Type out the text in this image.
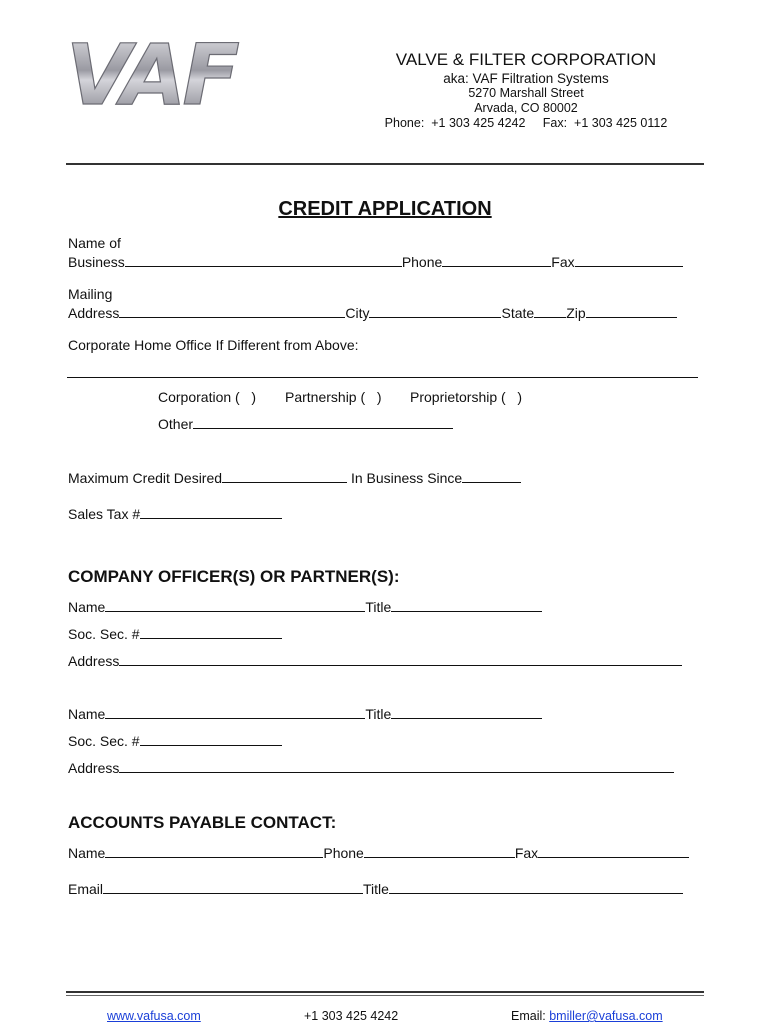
VAF	VALVE & FILTER CORPORATION
aka: VAF Filtration Systems
5270 Marshall Street
Arvada, CO 80002
Phone:  +1 303 425 4242     Fax:  +1 303 425 0112
CREDIT APPLICATION
Name of
Business	Phone	Fax
Mailing
Address	City	State Zip
Corporate Home Office If Different from Above:
Corporation (   ) Partnership (   ) Proprietorship (   )
Other
Maximum Credit Desired	In Business Since
Sales Tax #
COMPANY OFFICER(S) OR PARTNER(S):
Name	Title
Soc. Sec. #
Address
Name	Title
Soc. Sec. #
Address
ACCOUNTS PAYABLE CONTACT:
Name	Phone	Fax
Email	Title
www.vafusa.com	+1 303 425 4242	Email: bmiller@vafusa.com
